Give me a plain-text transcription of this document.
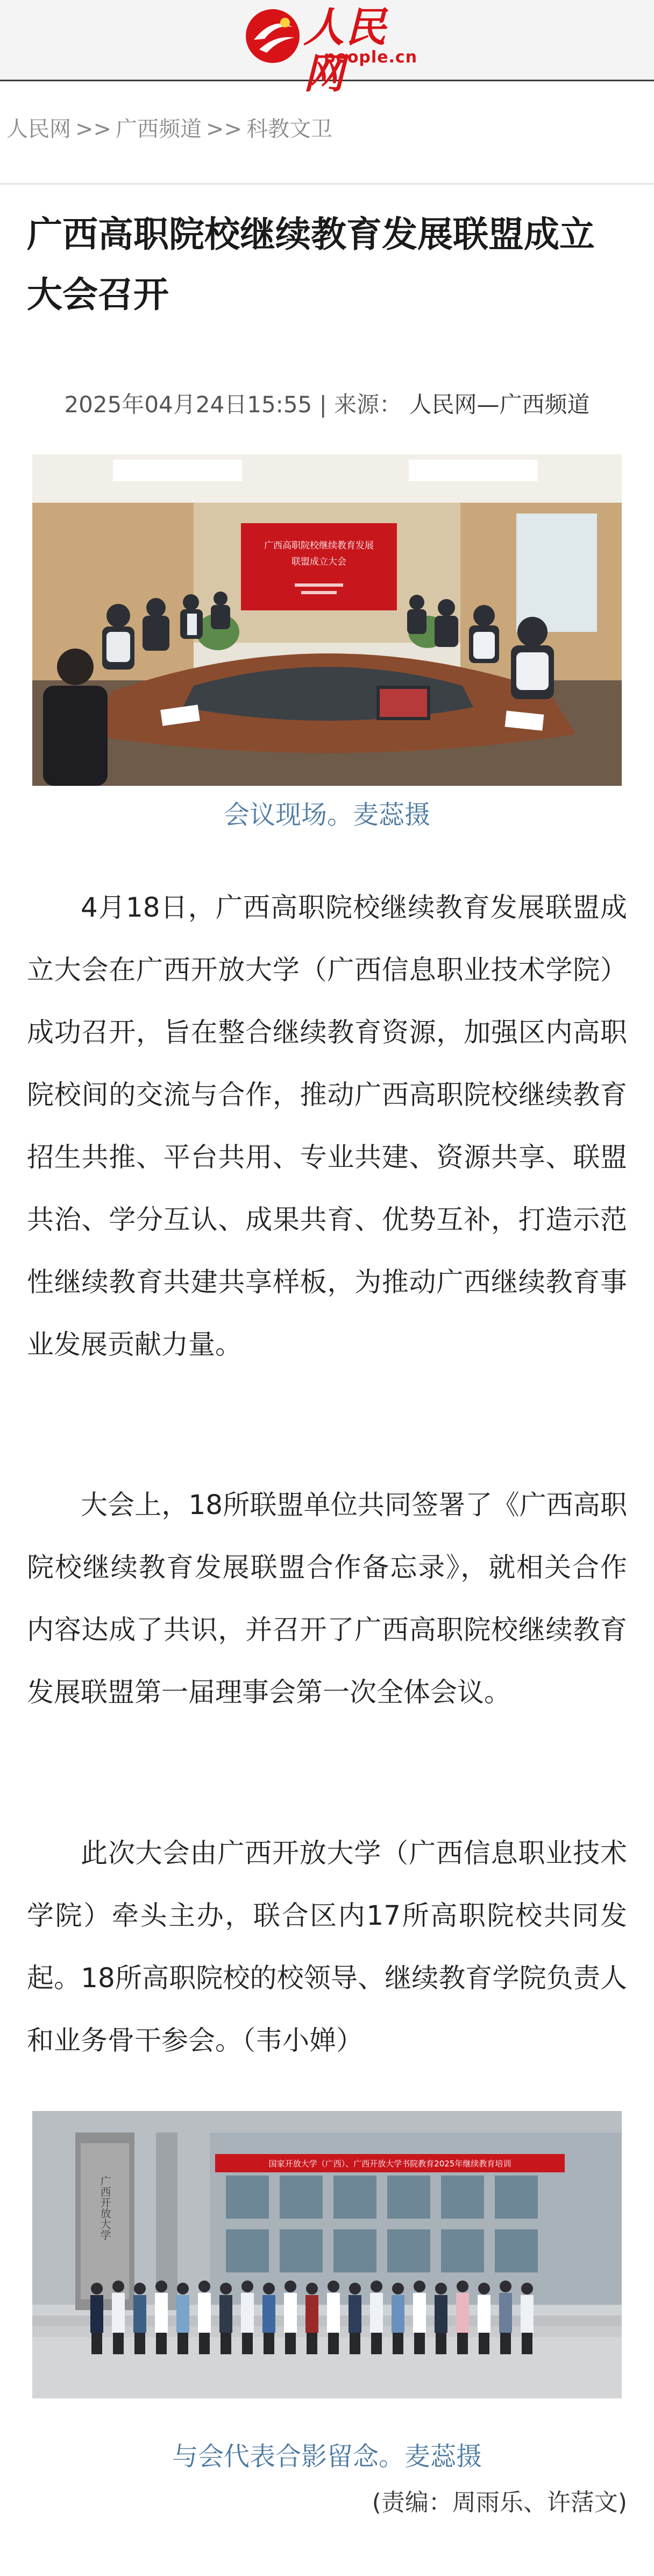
人民网
people.cn
人民网 >> 广西频道 >> 科教文卫
广西高职院校继续教育发展联盟成立大会召开
2025年04月24日15:55 | 来源： 人民网—广西频道
广西高职院校继续教育发展
联盟成立大会
会议现场。麦蕊摄

4月18日，广西高职院校继续教育发展联盟成立大会在广西开放大学（广西信息职业技术学院）成功召开，旨在整合继续教育资源，加强区内高职院校间的交流与合作，推动广西高职院校继续教育招生共推、平台共用、专业共建、资源共享、联盟共治、学分互认、成果共育、优势互补，打造示范性继续教育共建共享样板，为推动广西继续教育事业发展贡献力量。

大会上，18所联盟单位共同签署了《广西高职院校继续教育发展联盟合作备忘录》，就相关合作内容达成了共识，并召开了广西高职院校继续教育发展联盟第一届理事会第一次全体会议。

此次大会由广西开放大学（广西信息职业技术学院）牵头主办，联合区内17所高职院校共同发起。18所高职院校的校领导、继续教育学院负责人和业务骨干参会。（韦小婵）

国家开放大学（广西）、广西开放大学书院教育2025年继续教育培训
广西开放大学
与会代表合影留念。麦蕊摄
(责编：周雨乐、许萿文)
